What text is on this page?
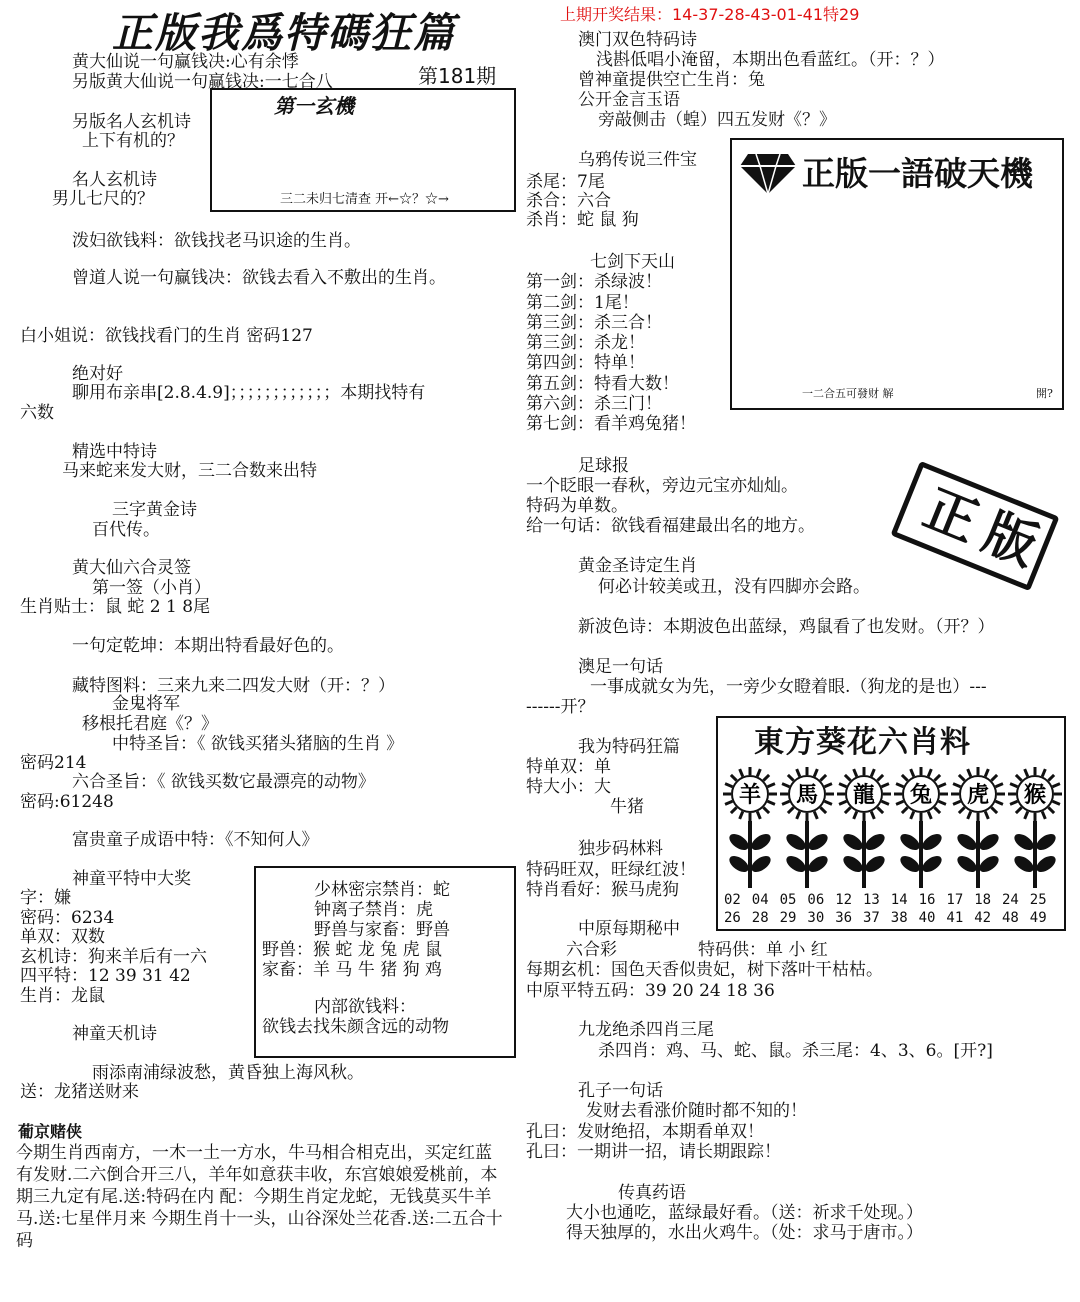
正版我爲特碼狂篇	上期开奖结果：14-37-28-43-01-41特29
第181期
第一玄機
三二未归七清查 开←☆？☆→
黄大仙说一句赢钱决:心有余悸
另版黄大仙说一句赢钱决:一七合八
另版名人玄机诗
上下有机的？
名人玄机诗
男儿七尺的？
泼妇欲钱料：欲钱找老马识途的生肖。
曾道人说一句赢钱决：欲钱去看入不敷出的生肖。
白小姐说：欲钱找看门的生肖 密码127
绝对好
聊用布亲串[2.8.4.9]；；；；；；；；；；；；本期找特有
六数
精选中特诗
马来蛇来发大财，三二合数来出特
三字黄金诗
百代传。
黄大仙六合灵签
第一签（小肖）
生肖贴士：鼠 蛇 2 1 8尾
一句定乾坤：本期出特看最好色的。
藏特图料：三来九来二四发大财（开：？）
金鬼将军
移根托君庭《？》
中特圣旨：《 欲钱买猪头猪脑的生肖 》
密码214
六合圣旨：《 欲钱买数它最漂亮的动物》
密码:61248
富贵童子成语中特：《不知何人》
神童平特中大奖
字：嫌
密码：6234
单双：双数
玄机诗：狗来羊后有一六
四平特：12 39 31 42
生肖：龙鼠
神童天机诗
雨添南浦绿波愁，黄昏独上海风秋。
送：龙猪送财来
葡京赌侠
今期生肖西南方，一木一土一方水，牛马相合相克出，买定红蓝有发财.二六倒合开三八，羊年如意获丰收，东宫娘娘爱桃前，本期三九定有尾.送:特码在内 配：今期生肖定龙蛇，无钱莫买牛羊马.送:七星伴月来 今期生肖十一头，山谷深处兰花香.送:二五合十码
少林密宗禁肖：蛇
钟离子禁肖：虎
野兽与家畜：野兽
野兽：猴 蛇 龙 兔 虎 鼠
家畜：羊 马 牛 猪 狗 鸡
内部欲钱料：
欲钱去找朱颜含远的动物
澳门双色特码诗
浅斟低唱小淹留，本期出色看蓝红。（开：？）
曾神童提供空亡生肖：兔
公开金言玉语
旁敲侧击（蝗）四五发财《？》
乌鸦传说三件宝
杀尾：7尾
杀合：六合
杀肖：蛇 鼠 狗
七剑下天山
第一剑：杀绿波！
第二剑：1尾！
第三剑：杀三合！
第三剑：杀龙！
第四剑：特单！
第五剑：特看大数！
第六剑：杀三门！
第七剑：看羊鸡兔猪！
足球报
一个眨眼一春秋，旁边元宝亦灿灿。
特码为单数。
给一句话：欲钱看福建最出名的地方。
黄金圣诗定生肖
何必计较美或丑，没有四脚亦会路。
新波色诗：本期波色出蓝绿，鸡鼠看了也发财。（开？）
澳足一句话
一事成就女为先，一旁少女瞪着眼.（狗龙的是也）---
------开？
我为特码狂篇
特单双：单
特大小：大
牛猪
独步码林料
特码旺双，旺绿红波！
特肖看好：猴马虎狗
中原每期秘中
六合彩	特码供：单 小 红
每期玄机：国色天香似贵妃，树下落叶干枯枯。
中原平特五码：39 20 24 18 36
九龙绝杀四肖三尾
杀四肖：鸡、马、蛇、鼠。杀三尾：4、3、6。[开?]
孔子一句话
发财去看涨价随时都不知的！
孔曰：发财绝招，本期看单双！
孔曰：一期讲一招，请长期跟踪！
传真药语
大小也通吃，蓝绿最好看。（送：祈求千处现。）
得天独厚的，水出火鸡牛。（处：求马于唐市。）
正版一語破天機
一二合五可發财 解	開?
正版
東方葵花六肖料
羊 馬 龍 兔 虎 猴
02 04 05 06 12 13 14 16 17 18 24 25
26 28 29 30 36 37 38 40 41 42 48 49
